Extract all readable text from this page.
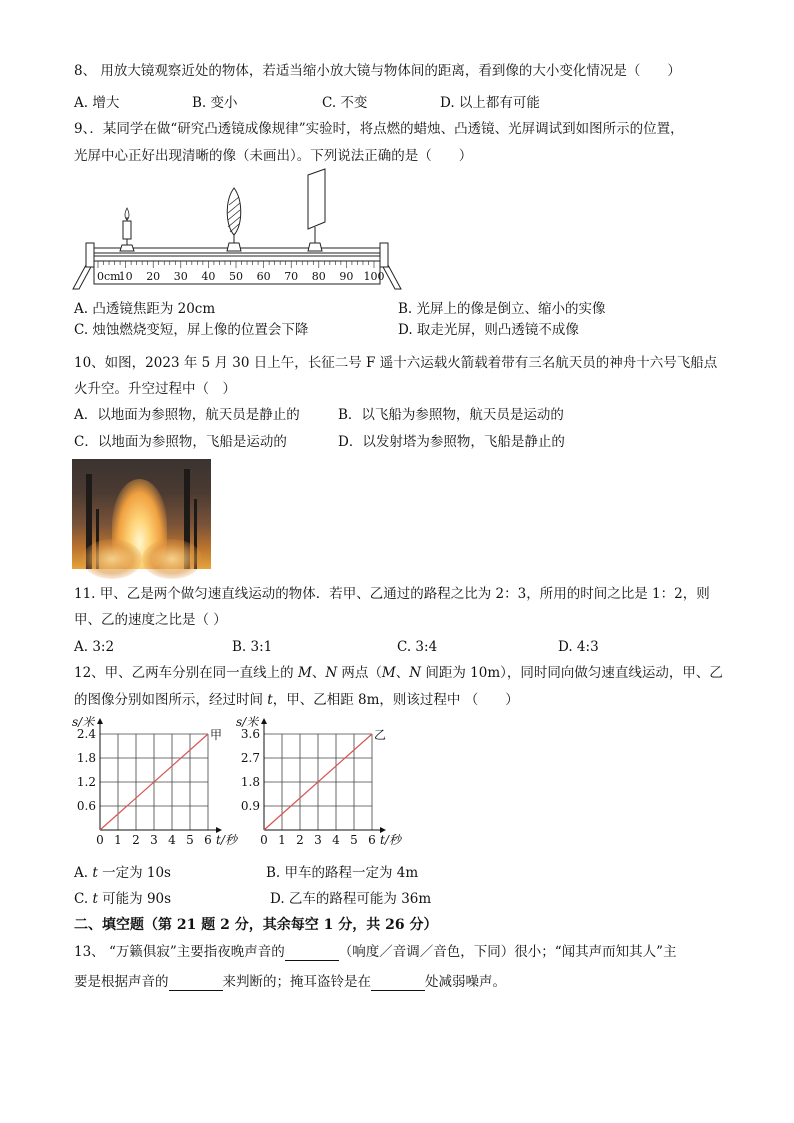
8、 用放大镜观察近处的物体，若适当缩小放大镜与物体间的距离，看到像的大小变化情况是（　　）
A. 增大	B. 变小	C. 不变	D. 以上都有可能
9、．某同学在做“研究凸透镜成像规律”实验时，将点燃的蜡烛、凸透镜、光屏调试到如图所示的位置，
光屏中心正好出现清晰的像（未画出）。下列说法正确的是（　　）
0cm
10 20 30 40 50 60 70 80 90 100
A. 凸透镜焦距为 20cm	B. 光屏上的像是倒立、缩小的实像
C. 烛蚀燃烧变短，屏上像的位置会下降	D. 取走光屏，则凸透镜不成像
10、如图，2023 年 5 月 30 日上午，长征二号 F 遥十六运载火箭载着带有三名航天员的神舟十六号飞船点
火升空。升空过程中（　）
A．以地面为参照物，航天员是静止的	B．以飞船为参照物，航天员是运动的
C．以地面为参照物，飞船是运动的	D．以发射塔为参照物，飞船是静止的
11. 甲、乙是两个做匀速直线运动的物体．若甲、乙通过的路程之比为 2：3，所用的时间之比是 1：2，则
甲、乙的速度之比是（ ）
A. 3:2	B. 3:1	C. 3:4	D. 4:3
12、甲、乙两车分别在同一直线上的 M、N 两点（M、N 间距为 10m），同时同向做匀速直线运动，甲、乙
的图像分别如图所示，经过时间 t，甲、乙相距 8m，则该过程中 （　　）
s/米
t/秒
0 1 2 3 4 5 6
0.6
1.2
1.8
2.4	甲
s/米
t/秒
0 1 2 3 4 5 6
0.9
1.8
2.7
3.6	乙
A. t 一定为 10s	B. 甲车的路程一定为 4m
C. t 可能为 90s	D. 乙车的路程可能为 36m
二、填空题（第 21 题 2 分，其余每空 1 分，共 26 分）
13、 “万籁俱寂”主要指夜晚声音的	（响度／音调／音色，下同）很小；“闻其声而知其人”主
要是根据声音的	来判断的；掩耳盗铃是在	处减弱噪声。
